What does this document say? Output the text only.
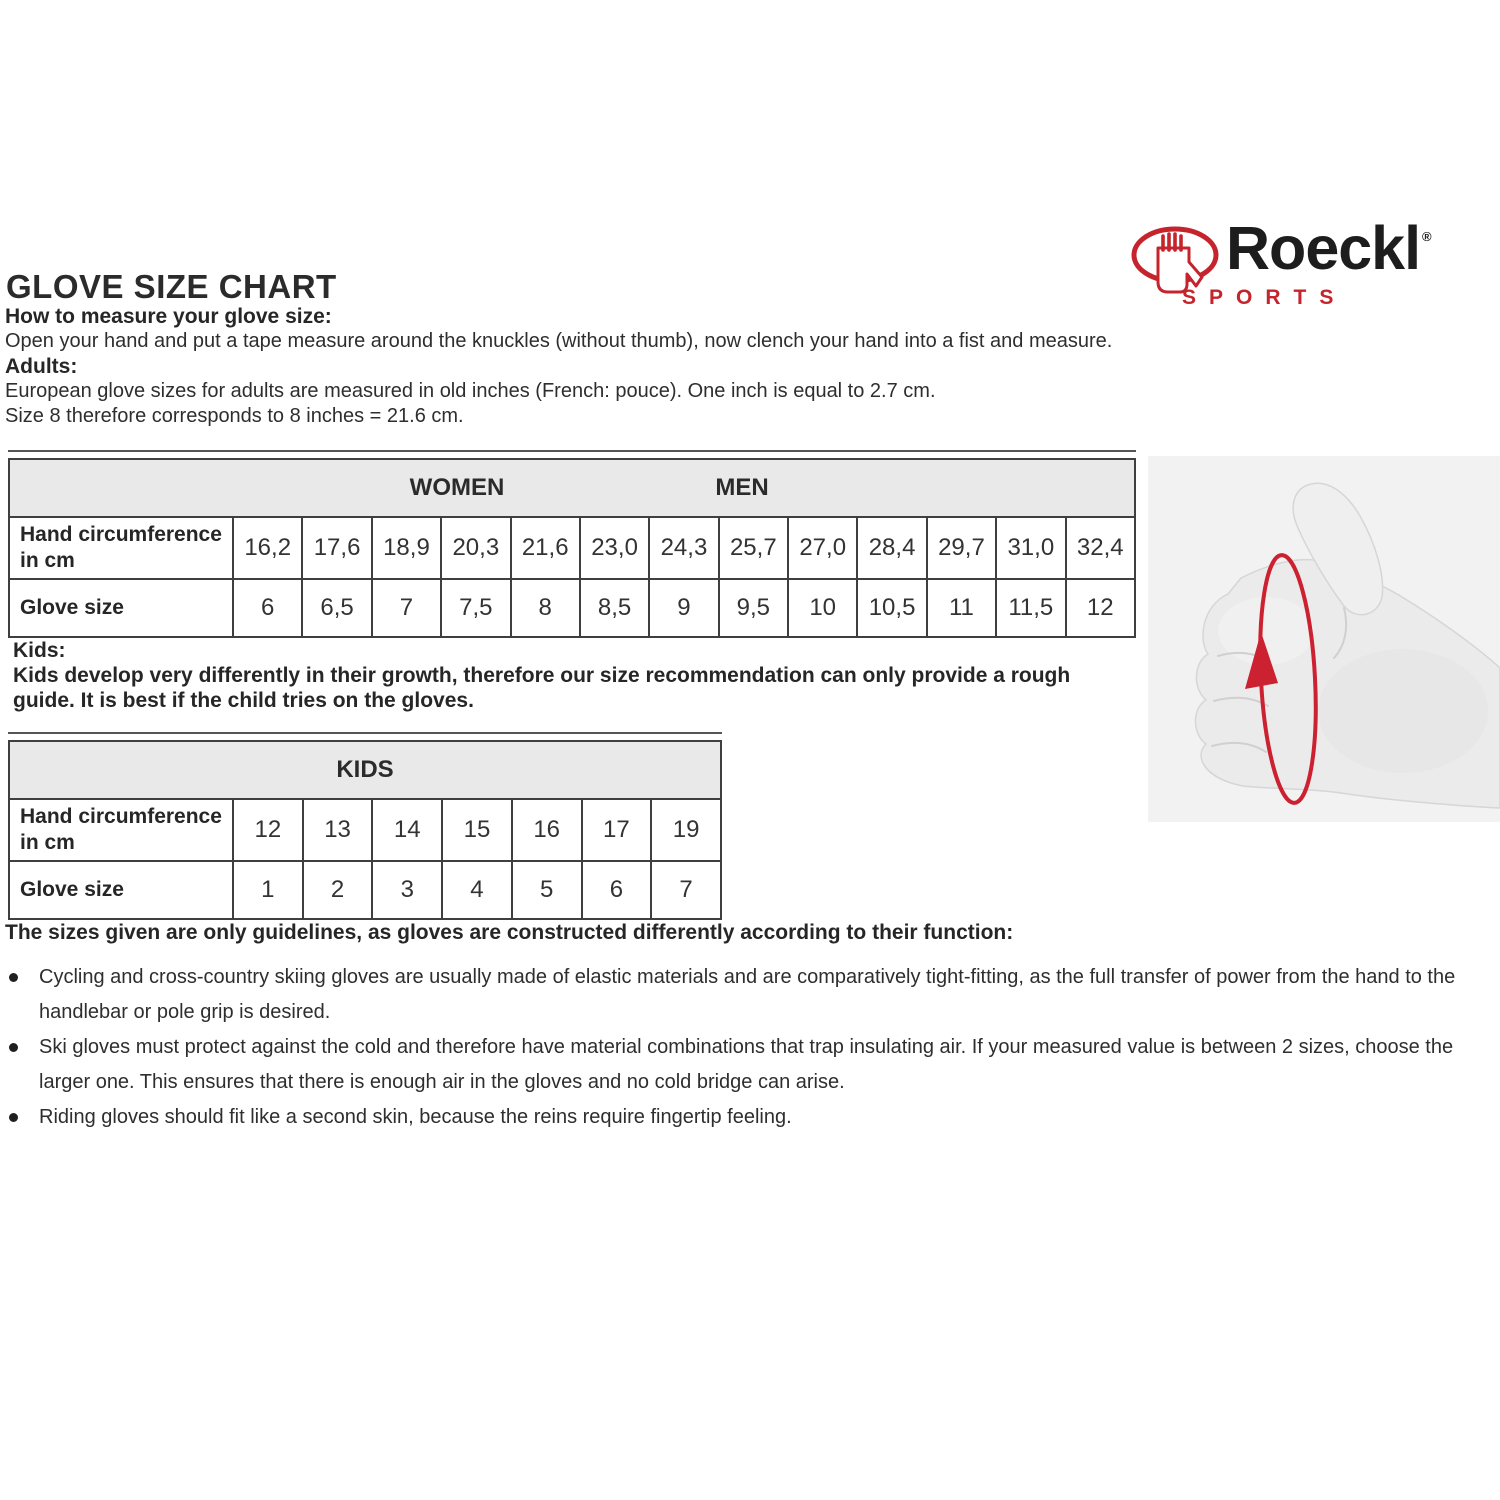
GLOVE SIZE CHART
Roeckl ®
SPORTS

How to measure your glove size:

Open your hand and put a tape measure around the knuckles (without thumb), now clench your hand into a fist and measure.

Adults:

European glove sizes for adults are measured in old inches (French: pouce). One inch is equal to 2.7 cm.

Size 8 therefore corresponds to 8 inches = 21.6 cm.

WOMEN MEN													

Hand circumference in cm	16,2	17,6	18,9	20,3	21,6	23,0	24,3	25,7	27,0	28,4	29,7	31,0	32,4
Glove size	6	6,5	7	7,5	8	8,5	9	9,5	10	10,5	11	11,5	12

Kids:

Kids develop very differently in their growth, therefore our size recommendation can only provide a rough guide. It is best if the child tries on the gloves.

KIDS							
Hand circumference in cm	12	13	14	15	16	17	19
Glove size	1	2	3	4	5	6	7

The sizes given are only guidelines, as gloves are constructed differently according to their function:

Cycling and cross-country skiing gloves are usually made of elastic materials and are comparatively tight-fitting, as the full transfer of power from the hand to the handlebar or pole grip is desired.
Ski gloves must protect against the cold and therefore have material combinations that trap insulating air. If your measured value is between 2 sizes, choose the larger one. This ensures that there is enough air in the gloves and no cold bridge can arise.
Riding gloves should fit like a second skin, because the reins require fingertip feeling.
